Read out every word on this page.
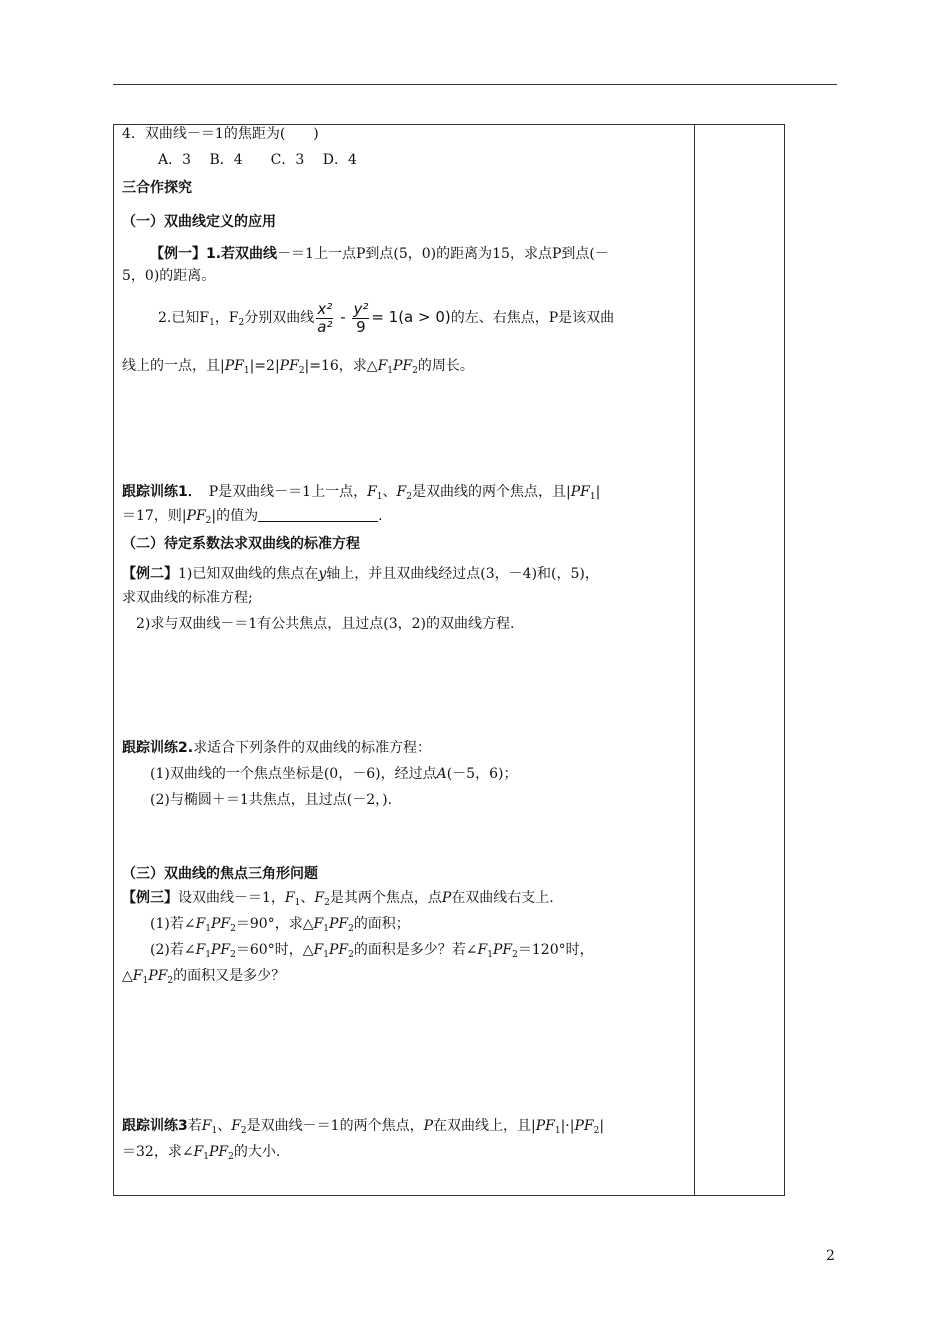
4．双曲线－＝1的焦距为(　　)
A．3　 B．4　　C．3　 D．4
三合作探究
（一）双曲线定义的应用
【例一】1.若双曲线－＝1上一点P到点(5，0)的距离为15，求点P到点(－
5，0)的距离。
2.已知$F_1$，$F_2$分别双曲线 $\frac{\text{x²}}{\text{a²}} - \frac{\text{y²}}{9} = 1(a > 0)$的左、右焦点，P是该双曲
线上的一点，且$|PF_1|=2|PF_2|=16$，求$\triangle F_1PF_2$的周长。
跟踪训练1．　P是双曲线－＝1上一点，$F_1$、$F_2$是双曲线的两个焦点，且$|PF_1|$
＝17，则$|PF_2|$的值为	.
（二）待定系数法求双曲线的标准方程
【例二】1)已知双曲线的焦点在y轴上，并且双曲线经过点(3，－4)和(，5)，
求双曲线的标准方程;
2)求与双曲线－＝1有公共焦点，且过点(3，2)的双曲线方程.
跟踪训练2.求适合下列条件的双曲线的标准方程：
(1)双曲线的一个焦点坐标是(0，－6)，经过点A(－5，6)；
(2)与椭圆＋＝1共焦点，且过点(－2，).
（三）双曲线的焦点三角形问题
【例三】设双曲线－＝1，$F_1$、$F_2$是其两个焦点，点P在双曲线右支上.
(1)若$\angle F_1PF_2=90^\circ$，求$\triangle F_1PF_2$的面积；
(2)若$\angle F_1PF_2=60^\circ$时，$\triangle F_1PF_2$的面积是多少？若$\angle F_1PF_2=120^\circ$时，
$\triangle F_1PF_2$的面积又是多少？
跟踪训练3若$F_1$、$F_2$是双曲线－＝1的两个焦点，P在双曲线上，且$|PF_1|\cdot|PF_2|$
＝32，求$\angle F_1PF_2$的大小.
2
